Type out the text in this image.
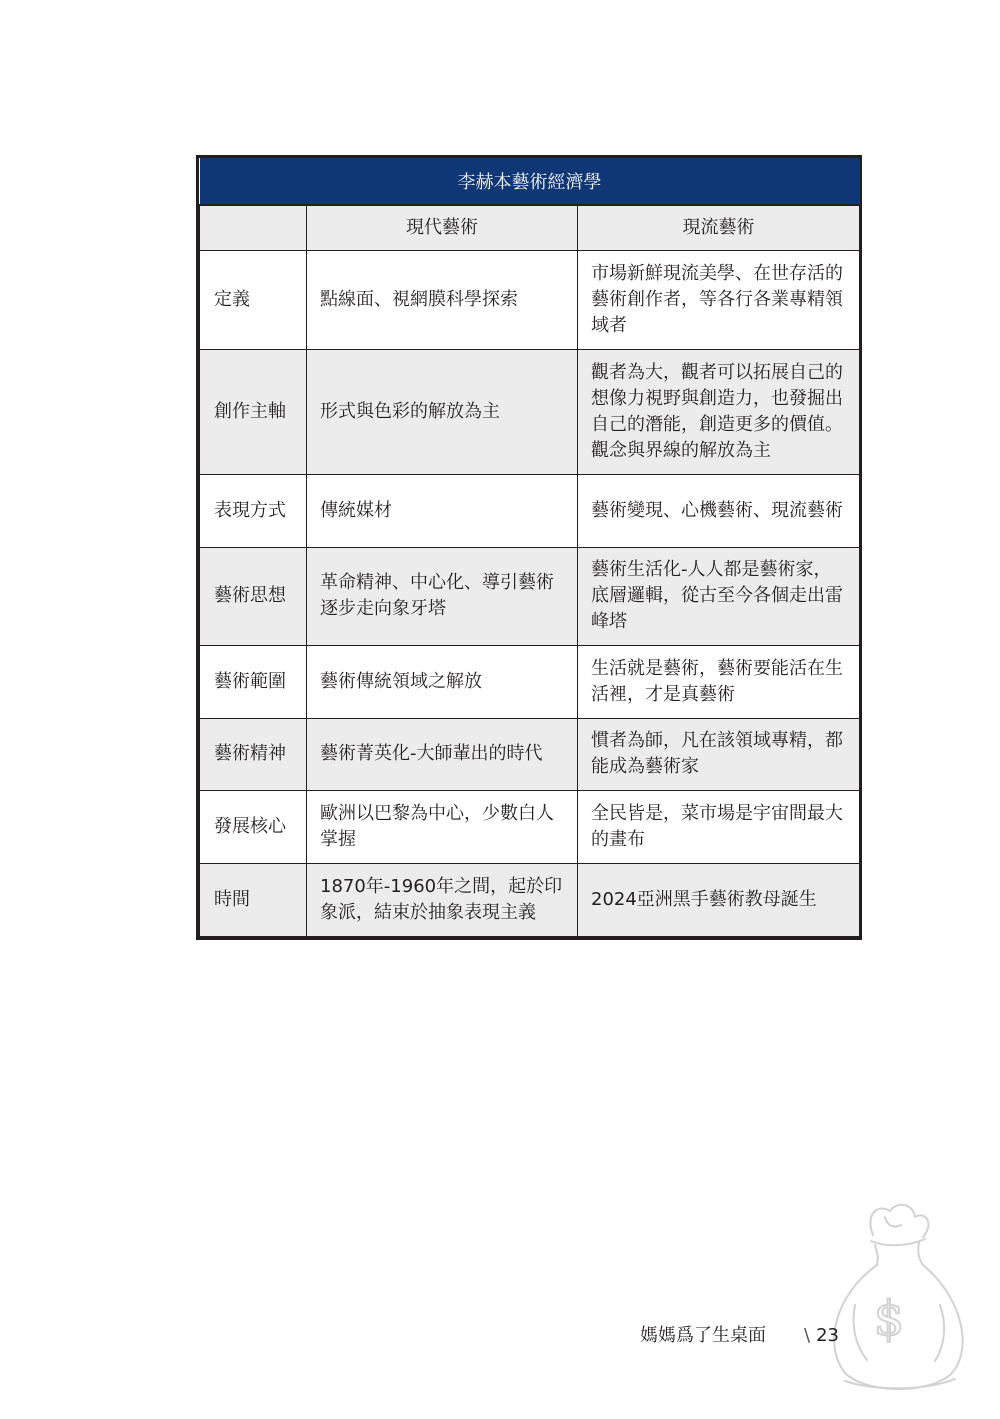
李赫本藝術經濟學		
	現代藝術	現流藝術
定義	點線面、視網膜科學探索	市場新鮮現流美學、在世存活的藝術創作者，等各行各業專精領域者
創作主軸	形式與色彩的解放為主	觀者為大，觀者可以拓展自己的想像力視野與創造力，也發掘出自己的潛能，創造更多的價值。觀念與界線的解放為主
表現方式	傳統媒材	藝術變現、心機藝術、現流藝術
藝術思想	革命精神、中心化、導引藝術逐步走向象牙塔	藝術生活化-人人都是藝術家，底層邏輯，從古至今各個走出雷峰塔
藝術範圍	藝術傳統領域之解放	生活就是藝術，藝術要能活在生活裡，才是真藝術
藝術精神	藝術菁英化-大師輩出的時代	慣者為師，凡在該領域專精，都能成為藝術家
發展核心	歐洲以巴黎為中心，少數白人掌握	全民皆是，菜市場是宇宙間最大的畫布
時間	1870年-1960年之間，起於印象派，結束於抽象表現主義	2024亞洲黑手藝術教母誕生
$
媽媽爲了生桌面 \ 23
